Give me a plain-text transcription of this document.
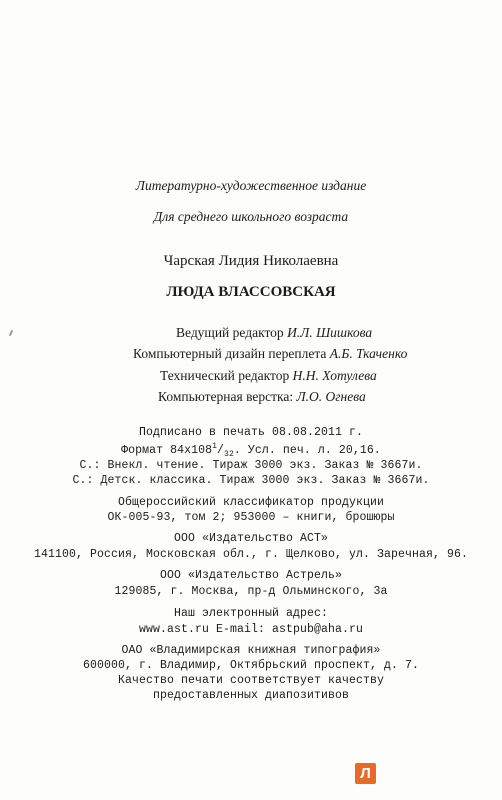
Литературно-художественное издание
Для среднего школьного возраста
Чарская Лидия Николаевна
ЛЮДА ВЛАССОВСКАЯ
Ведущий редактор И.Л. Шишкова
Компьютерный дизайн переплета А.Б. Ткаченко
Технический редактор Н.Н. Хотулева
Компьютерная верстка: Л.О. Огнева
Подписано в печать 08.08.2011 г.
Формат $84x108^1/_{32}$. Усл. печ. л. 20,16.
С.: Внекл. чтение. Тираж 3000 экз. Заказ № 3667и.
С.: Детск. классика. Тираж 3000 экз. Заказ № 3667и.
Общероссийский классификатор продукции
ОК-005-93, том 2; 953000 – книги, брошюры
ООО «Издательство АСТ»
141100, Россия, Московская обл., г. Щелково, ул. Заречная, 96.
ООО «Издательство Астрель»
129085, г. Москва, пр-д Ольминского, 3а
Наш электронный адрес:
www.ast.ru E-mail: astpub@aha.ru
ОАО «Владимирская книжная типография»
600000, г. Владимир, Октябрьский проспект, д. 7.
Качество печати соответствует качеству
предоставленных диапозитивов
Л
